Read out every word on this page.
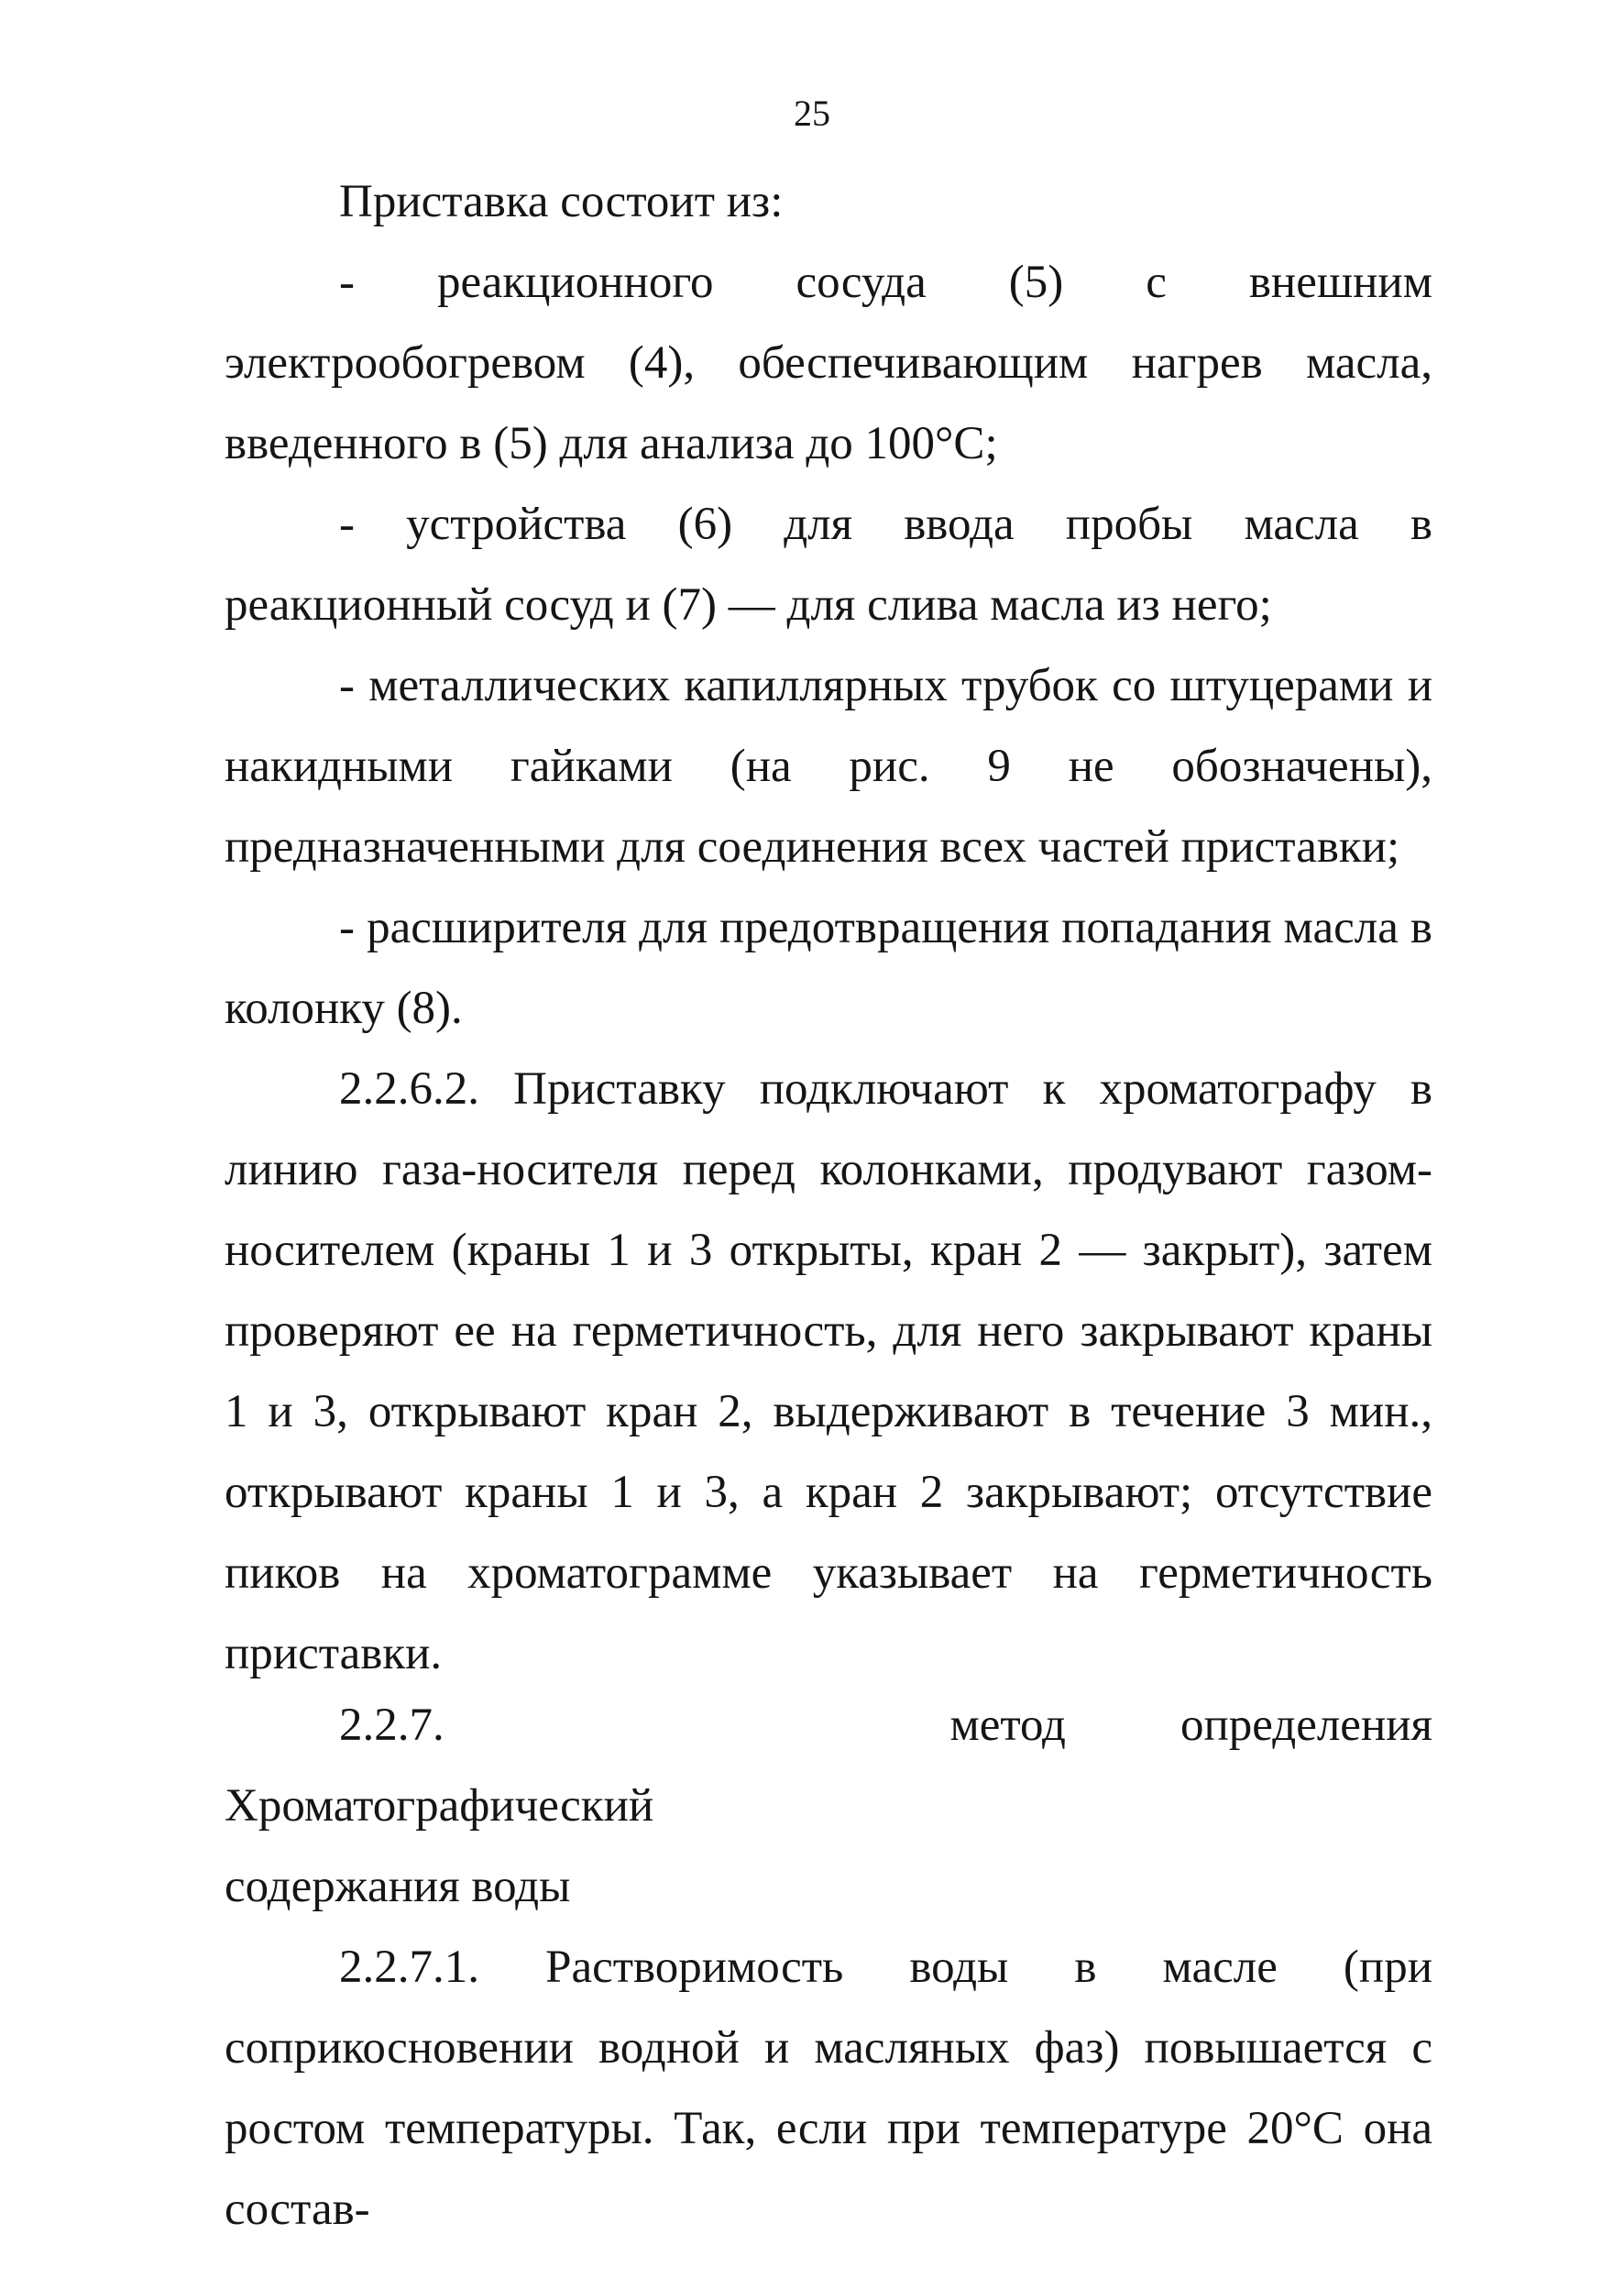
25

Приставка состоит из:

- реакционного сосуда (5) с внешним электрообогревом (4), обеспечивающим нагрев масла, введенного в (5) для анализа до 100°С;

- устройства (6) для ввода пробы масла в реакционный сосуд и (7) — для слива масла из него;

- металлических капиллярных трубок со штуцерами и накидными гайками (на рис. 9 не обозначены), предназначенными для соединения всех частей приставки;

- расширителя для предотвращения попадания масла в колонку (8).

2.2.6.2. Приставку подключают к хроматографу в линию газа-носителя перед колонками, продувают газом-носителем (краны 1 и 3 открыты, кран 2 — закрыт), затем проверяют ее на герметичность, для него закрывают краны 1 и 3, открывают кран 2, выдерживают в течение 3 мин., открывают краны 1 и 3, а кран 2 закрывают; отсутствие пиков на хроматограмме указывает на герметичность приставки.

2.2.7. Хроматографический
метод	определения

содержания воды

2.2.7.1. Растворимость воды в масле (при соприкосновении водной и масляных фаз) повышается с ростом температуры. Так, если при температуре 20°С она состав-
